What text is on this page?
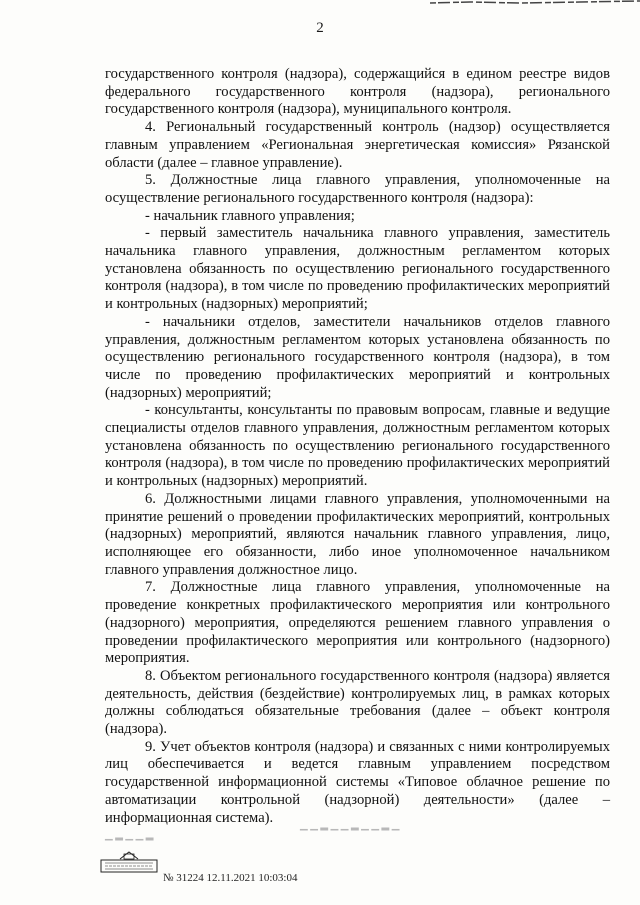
2

государственного контроля (надзора), содержащийся в едином реестре видов федерального государственного контроля (надзора), регионального государственного контроля (надзора), муниципального контроля.

4. Региональный государственный контроль (надзор) осуществляется главным управлением «Региональная энергетическая комиссия» Рязанской области (далее – главное управление).

5. Должностные лица главного управления, уполномоченные на осуществление регионального государственного контроля (надзора):

- начальник главного управления;

- первый заместитель начальника главного управления, заместитель начальника главного управления, должностным регламентом которых установлена обязанность по осуществлению регионального государственного контроля (надзора), в том числе по проведению профилактических мероприятий и контрольных (надзорных) мероприятий;

- начальники отделов, заместители начальников отделов главного управления, должностным регламентом которых установлена обязанность по осуществлению регионального государственного контроля (надзора), в том числе по проведению профилактических мероприятий и контрольных (надзорных) мероприятий;

- консультанты, консультанты по правовым вопросам, главные и ведущие специалисты отделов главного управления, должностным регламентом которых установлена обязанность по осуществлению регионального государственного контроля (надзора), в том числе по проведению профилактических мероприятий и контрольных (надзорных) мероприятий.

6. Должностными лицами главного управления, уполномоченными на принятие решений о проведении профилактических мероприятий, контрольных (надзорных) мероприятий, являются начальник главного управления, лицо, исполняющее его обязанности, либо иное уполномоченное начальником главного управления должностное лицо.

7. Должностные лица главного управления, уполномоченные на проведение конкретных профилактического мероприятия или контрольного (надзорного) мероприятия, определяются решением главного управления о проведении профилактического мероприятия или контрольного (надзорного) мероприятия.

8. Объектом регионального государственного контроля (надзора) является деятельность, действия (бездействие) контролируемых лиц, в рамках которых должны соблюдаться обязательные требования (далее – объект контроля (надзора).

9. Учет объектов контроля (надзора) и связанных с ними контролируемых лиц обеспечивается и ведется главным управлением посредством государственной информационной системы «Типовое облачное решение по автоматизации контрольной (надзорной) деятельности» (далее – информационная система).

▁ ▂ ▁ ▁ ▂
▁ ▁ ▂ ▁ ▁ ▂ ▁ ▁ ▂ ▁
№ 31224 12.11.2021 10:03:04
